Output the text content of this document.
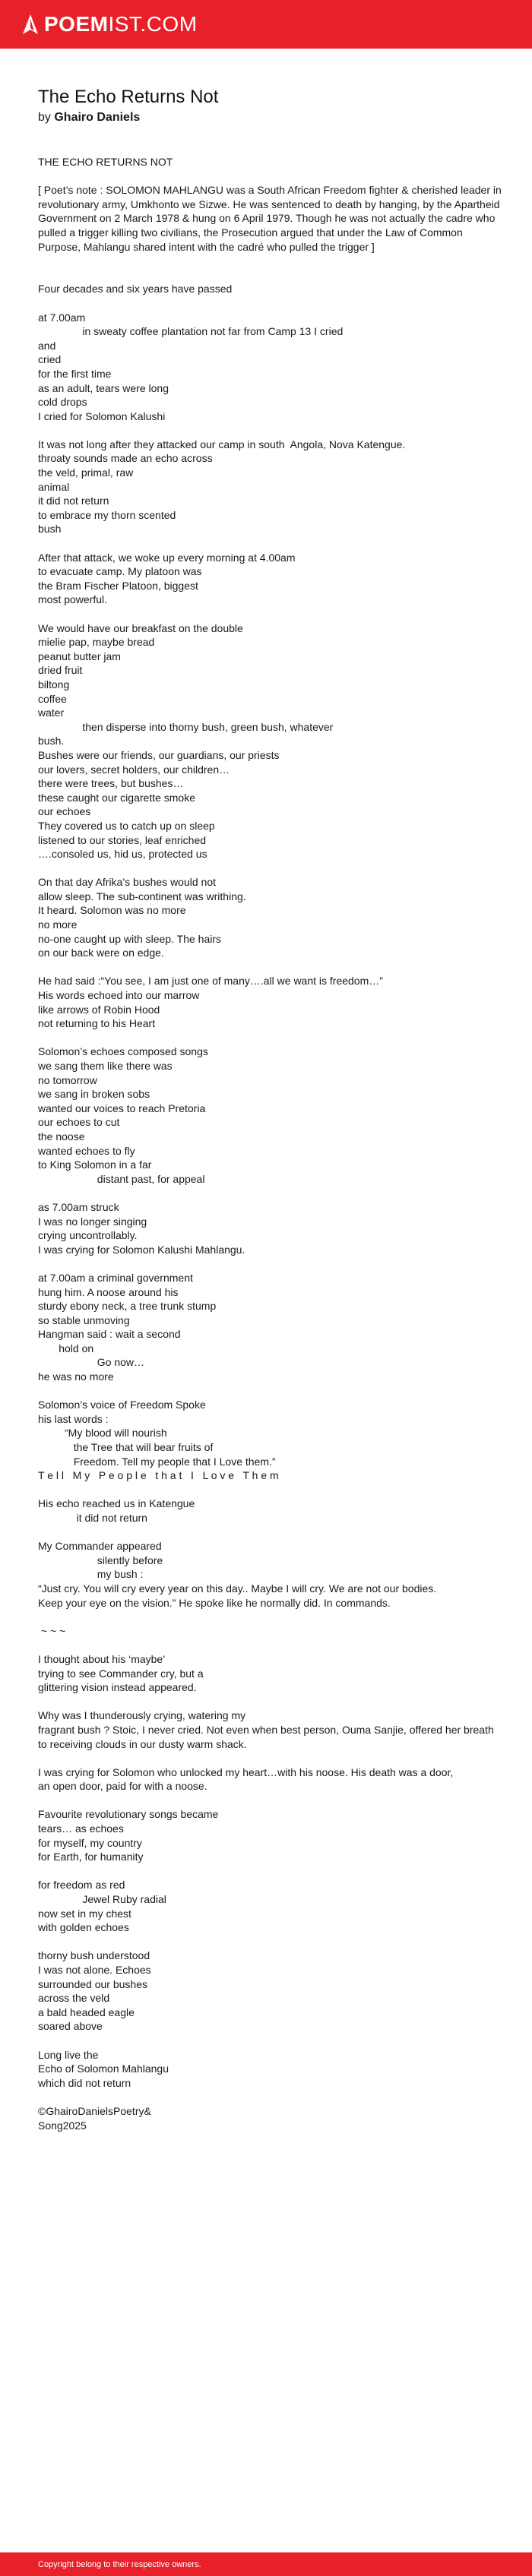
POEM IST.COM
The Echo Returns Not
by Ghairo Daniels
THE ECHO RETURNS NOT

[ Poet’s note : SOLOMON MAHLANGU was a South African Freedom fighter & cherished leader in revolutionary army, Umkhonto we Sizwe. He was sentenced to death by hanging, by the Apartheid Government on 2 March 1978 & hung on 6 April 1979. Though he was not actually the cadre who pulled a trigger killing two civilians, the Prosecution argued that under the Law of Common Purpose, Mahlangu shared intent with the cadré who pulled the trigger ]

Four decades and six years have passed

at 7.00am
in sweaty coffee plantation not far from Camp 13 I cried
and
cried
for the first time
as an adult, tears were long
cold drops
I cried for Solomon Kalushi

It was not long after they attacked our camp in south  Angola, Nova Katengue.
throaty sounds made an echo across
the veld, primal, raw
animal
it did not return
to embrace my thorn scented
bush

After that attack, we woke up every morning at 4.00am
to evacuate camp. My platoon was
the Bram Fischer Platoon, biggest
most powerful.

We would have our breakfast on the double
mielie pap, maybe bread
peanut butter jam
dried fruit
biltong
coffee
water
then disperse into thorny bush, green bush, whatever
bush.
Bushes were our friends, our guardians, our priests
our lovers, secret holders, our children…
there were trees, but bushes…
these caught our cigarette smoke
our echoes
They covered us to catch up on sleep
listened to our stories, leaf enriched
….consoled us, hid us, protected us

On that day Afrika’s bushes would not
allow sleep. The sub-continent was writhing.
It heard. Solomon was no more
no more
no-one caught up with sleep. The hairs
on our back were on edge.

He had said :“You see, I am just one of many….all we want is freedom…”
His words echoed into our marrow
like arrows of Robin Hood
not returning to his Heart

Solomon’s echoes composed songs
we sang them like there was
no tomorrow
we sang in broken sobs
wanted our voices to reach Pretoria
our echoes to cut
the noose
wanted echoes to fly
to King Solomon in a far
distant past, for appeal

as 7.00am struck
I was no longer singing
crying uncontrollably.
I was crying for Solomon Kalushi Mahlangu.

at 7.00am a criminal government
hung him. A noose around his
sturdy ebony neck, a tree trunk stump
so stable unmoving
Hangman said : wait a second
hold on
Go now…
he was no more

Solomon’s voice of Freedom Spoke
his last words :
“My blood will nourish
the Tree that will bear fruits of
Freedom. Tell my people that I Love them.”
T e l l   M y   P e o p l e   t h a t   I   L o v e   T h e m

His echo reached us in Katengue
it did not return

My Commander appeared
silently before
my bush :
“Just cry. You will cry every year on this day.. Maybe I will cry. We are not our bodies.
Keep your eye on the vision.” He spoke like he normally did. In commands.

~ ~ ~

I thought about his ‘maybe’
trying to see Commander cry, but a
glittering vision instead appeared.

Why was I thunderously crying, watering my
fragrant bush ? Stoic, I never cried. Not even when best person, Ouma Sanjie, offered her breath to receiving clouds in our dusty warm shack.

I was crying for Solomon who unlocked my heart…with his noose. His death was a door,
an open door, paid for with a noose.

Favourite revolutionary songs became
tears… as echoes
for myself, my country
for Earth, for humanity

for freedom as red
Jewel Ruby radial
now set in my chest
with golden echoes

thorny bush understood
I was not alone. Echoes
surrounded our bushes
across the veld
a bald headed eagle
soared above

Long live the
Echo of Solomon Mahlangu
which did not return

©GhairoDanielsPoetry&
Song2025
Copyright belong to their respective owners.
